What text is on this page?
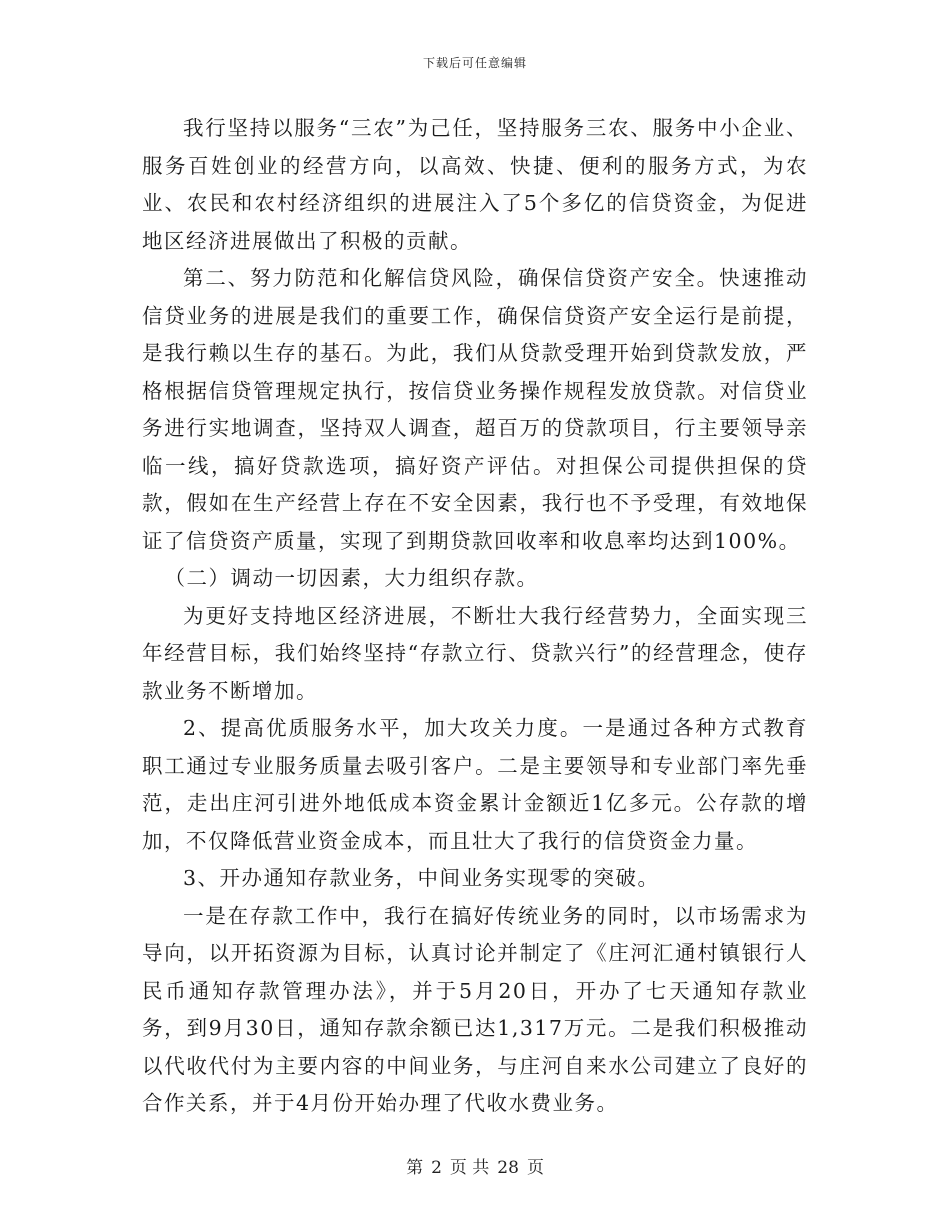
下载后可任意编辑

我行坚持以服务“三农”为己任，坚持服务三农、服务中小企业、服务百姓创业的经营方向，以高效、快捷、便利的服务方式，为农业、农民和农村经济组织的进展注入了5个多亿的信贷资金，为促进地区经济进展做出了积极的贡献。

第二、努力防范和化解信贷风险，确保信贷资产安全。快速推动信贷业务的进展是我们的重要工作，确保信贷资产安全运行是前提，是我行赖以生存的基石。为此，我们从贷款受理开始到贷款发放，严格根据信贷管理规定执行，按信贷业务操作规程发放贷款。对信贷业务进行实地调查，坚持双人调查，超百万的贷款项目，行主要领导亲临一线，搞好贷款选项，搞好资产评估。对担保公司提供担保的贷款，假如在生产经营上存在不安全因素，我行也不予受理，有效地保证了信贷资产质量，实现了到期贷款回收率和收息率均达到100%。

（二）调动一切因素，大力组织存款。

为更好支持地区经济进展，不断壮大我行经营势力，全面实现三年经营目标，我们始终坚持“存款立行、贷款兴行”的经营理念，使存款业务不断增加。

2、提高优质服务水平，加大攻关力度。一是通过各种方式教育职工通过专业服务质量去吸引客户。二是主要领导和专业部门率先垂范，走出庄河引进外地低成本资金累计金额近1亿多元。公存款的增加，不仅降低营业资金成本，而且壮大了我行的信贷资金力量。

3、开办通知存款业务，中间业务实现零的突破。

一是在存款工作中，我行在搞好传统业务的同时，以市场需求为导向，以开拓资源为目标，认真讨论并制定了《庄河汇通村镇银行人民币通知存款管理办法》，并于5月20日，开办了七天通知存款业务，到9月30日，通知存款余额已达1,317万元。二是我们积极推动以代收代付为主要内容的中间业务，与庄河自来水公司建立了良好的合作关系，并于4月份开始办理了代收水费业务。

第 2 页 共 28 页
